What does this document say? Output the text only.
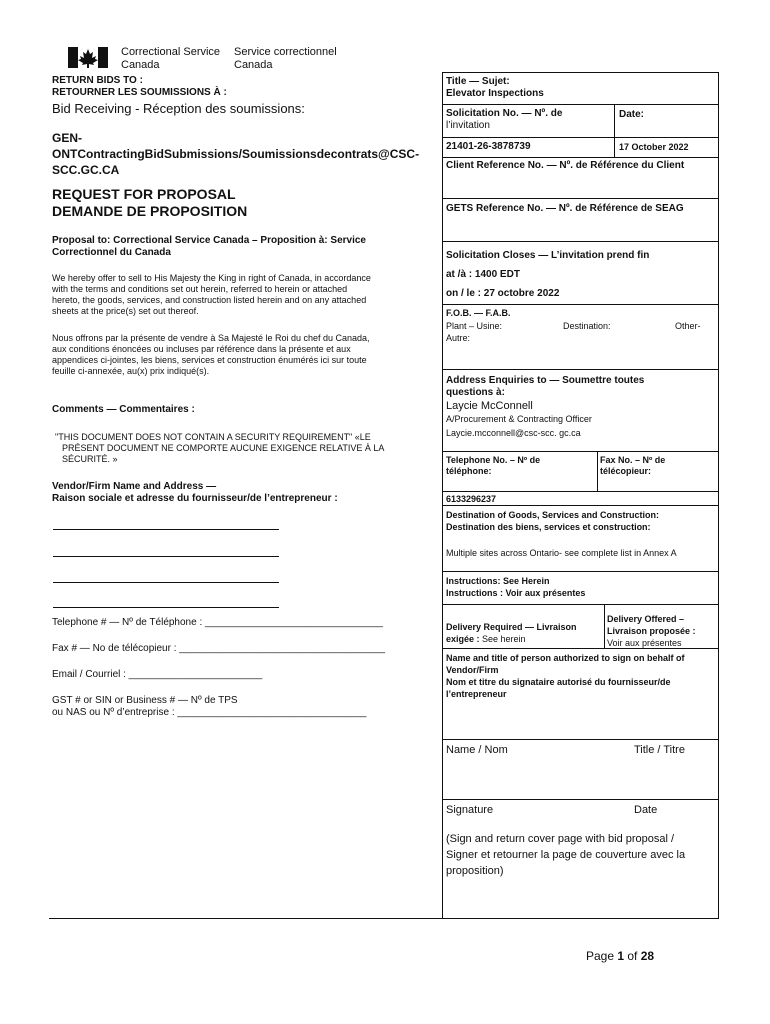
Correctional Service
Canada
Service correctionnel
Canada
RETURN BIDS TO :
RETOURNER LES SOUMISSIONS À :
Bid Receiving - Réception des soumissions:
GEN-
ONTContractingBidSubmissions/Soumissionsdecontrats@CSC-
SCC.GC.CA
REQUEST FOR PROPOSAL
DEMANDE DE PROPOSITION
Proposal to: Correctional Service Canada – Proposition à: Service
Correctionnel du Canada
We hereby offer to sell to His Majesty the King in right of Canada, in accordance
with the terms and conditions set out herein, referred to herein or attached
hereto, the goods, services, and construction listed herein and on any attached
sheets at the price(s) set out thereof.
Nous offrons par la présente de vendre à Sa Majesté le Roi du chef du Canada,
aux conditions énoncées ou incluses par référence dans la présente et aux
appendices ci-jointes, les biens, services et construction énumérés ici sur toute
feuille ci-annexée, au(x) prix indiqué(s).
Comments — Commentaires :
"THIS DOCUMENT DOES NOT CONTAIN A SECURITY REQUIREMENT" «LE
PRÉSENT DOCUMENT NE COMPORTE AUCUNE EXIGENCE RELATIVE À LA
SÉCURITÉ. »
Vendor/Firm Name and Address —
Raison sociale et adresse du fournisseur/de l’entrepreneur :
Telephone # — Nº de Téléphone : ________________________________
Fax # — No de télécopieur : _____________________________________
Email / Courriel : ________________________
GST # or SIN or Business # — Nº de TPS
ou NAS ou Nº d’entreprise : __________________________________
Title — Sujet:
Elevator Inspections
Solicitation No. — Nº. de
l’invitation
Date:
21401-26-3878739	17 October 2022
Client Reference No. — Nº. de Référence du Client
GETS Reference No. — Nº. de Référence de SEAG
Solicitation Closes — L’invitation prend fin
at /à : 1400 EDT
on / le : 27 octobre 2022
F.O.B. — F.A.B.
Plant – Usine:	Destination:	Other-
Autre:
Address Enquiries to — Soumettre toutes
questions à:
Laycie McConnell
A/Procurement & Contracting Officer
Laycie.mcconnell@csc-scc. gc.ca
Telephone No. – Nº de
téléphone:
Fax No. – Nº de
télécopieur:
6133296237
Destination of Goods, Services and Construction:
Destination des biens, services et construction:
Multiple sites across Ontario- see complete list in Annex A
Instructions: See Herein
Instructions : Voir aux présentes
Delivery Required — Livraison
exigée : See herein
Delivery Offered –
Livraison proposée :
Voir aux présentes
Name and title of person authorized to sign on behalf of
Vendor/Firm
Nom et titre du signataire autorisé du fournisseur/de
l’entrepreneur
Name / Nom	Title / Titre
Signature	Date
(Sign and return cover page with bid proposal /
Signer et retourner la page de couverture avec la
proposition)
Page 1 of 28
